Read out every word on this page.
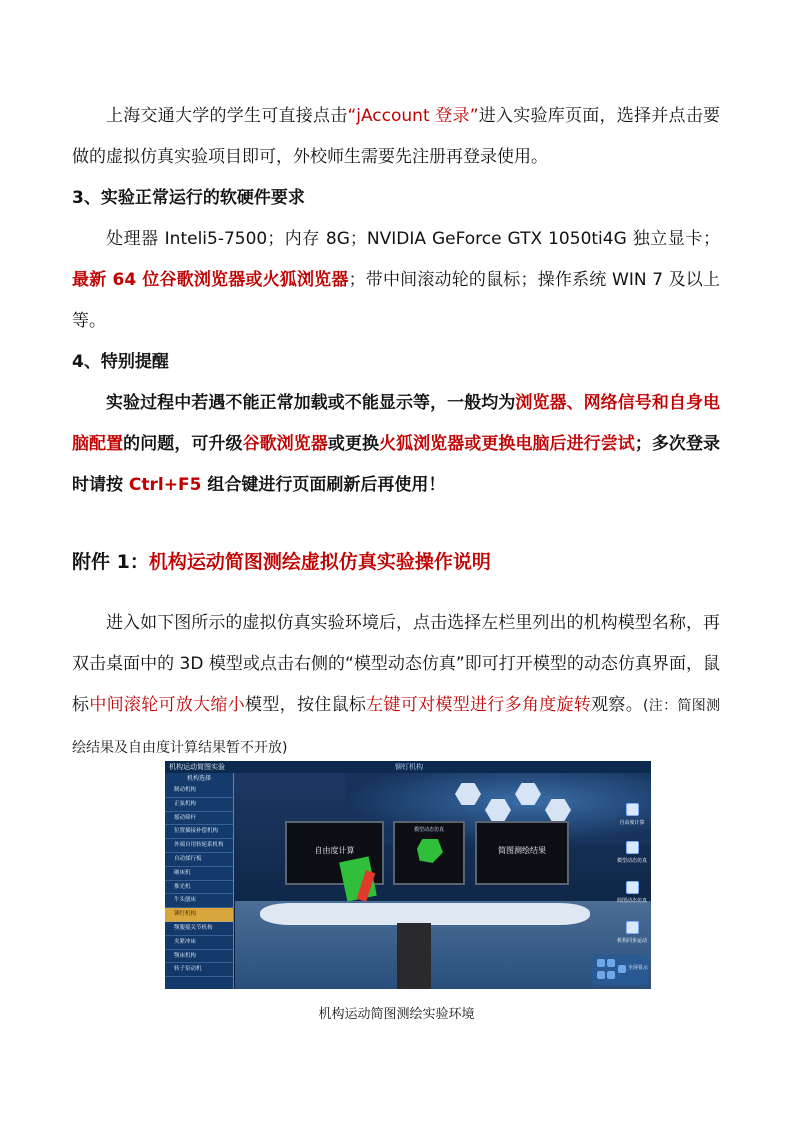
上海交通大学的学生可直接点击“jAccount 登录”进入实验库页面，选择并点击要做的虚拟仿真实验项目即可，外校师生需要先注册再登录使用。

3、实验正常运行的软硬件要求

处理器 Inteli5-7500；内存 8G；NVIDIA GeForce GTX 1050ti4G 独立显卡；最新 64 位谷歌浏览器或火狐浏览器；带中间滚动轮的鼠标；操作系统 WIN 7 及以上等。

4、特别提醒

实验过程中若遇不能正常加载或不能显示等，一般均为浏览器、网络信号和自身电脑配置的问题，可升级谷歌浏览器或更换火狐浏览器或更换电脑后进行尝试；多次登录时请按 Ctrl+F5 组合键进行页面刷新后再使用！

附件 1：机构运动简图测绘虚拟仿真实验操作说明

进入如下图所示的虚拟仿真实验环境后，点击选择左栏里列出的机构模型名称，再双击桌面中的 3D 模型或点击右侧的“模型动态仿真”即可打开模型的动态仿真界面，鼠标中间滚轮可放大缩小模型，按住鼠标左键可对模型进行多角度旋转观察。(注：简图测绘结果及自由度计算结果暂不开放)

自由度计算
模型动态仿真
简图测绘结果
机构运动简图实验	铆钉机构
机构选择
制动机构
正弦机构
摇动筛杆
位置插接补偿机构
外端自用转轮系机构
自动揉行板
砸床机
推光机
牛头刨床
铆钉机构
颚腹摇关节机构
夹紧冲床
颚床机构
转子泵动机
自由度计算
模型动态仿真
简图动态仿真
机构同步运动
全屏显示
机构运动简图测绘实验环境
